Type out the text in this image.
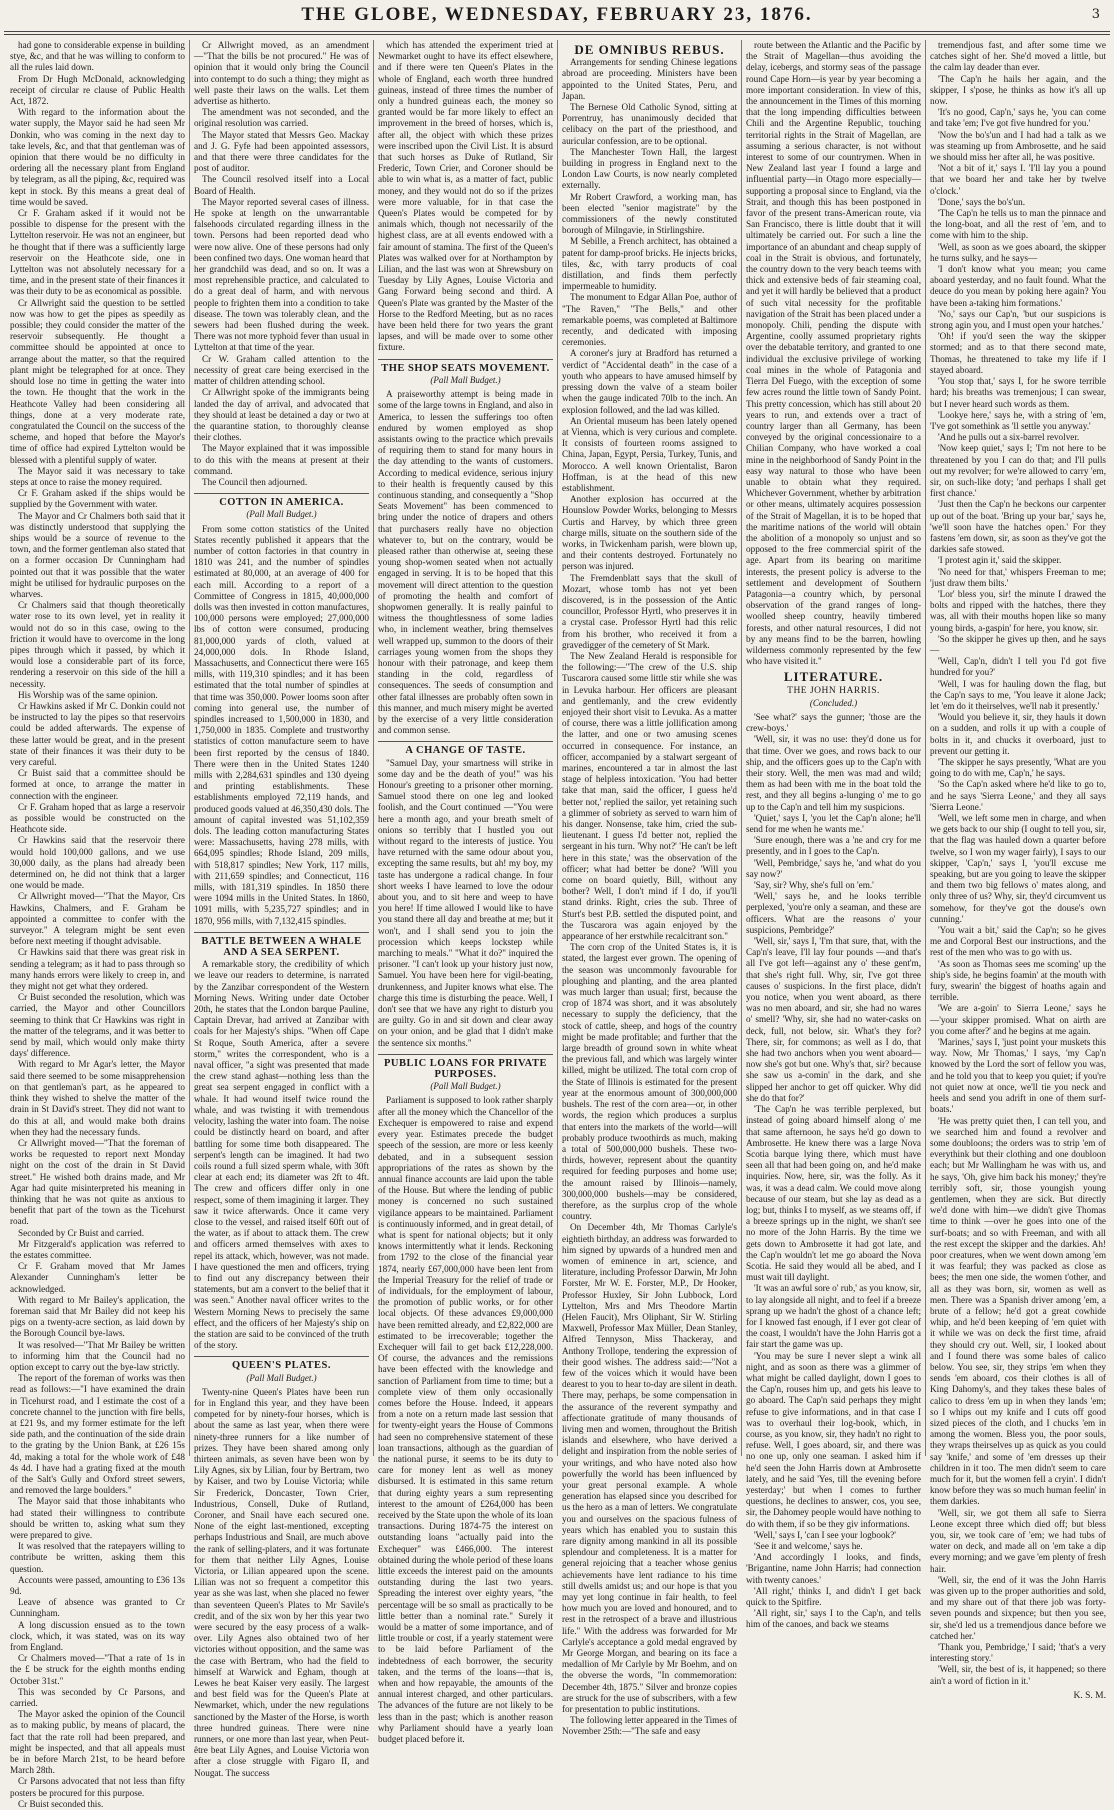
THE GLOBE, WEDNESDAY, FEBRUARY 23, 1876.	3

had gone to considerable expense in building stye, &c, and that he was willing to conform to all the rules laid down.

From Dr Hugh McDonald, acknowledging receipt of circular re clause of Public Health Act, 1872.

With regard to the information about the water supply, the Mayor said he had seen Mr Donkin, who was coming in the next day to take levels, &c, and that that gentleman was of opinion that there would be no difficulty in ordering all the necessary plant from England by telegram, as all the piping, &c, required was kept in stock. By this means a great deal of time would be saved.

Cr F. Graham asked if it would not be possible to dispense for the present with the Lyttelton reservoir. He was not an engineer, but he thought that if there was a sufficiently large reservoir on the Heathcote side, one in Lyttelton was not absolutely necessary for a time, and in the present state of their finances it was their duty to be as economical as possible.

Cr Allwright said the question to be settled now was how to get the pipes as speedily as possible; they could consider the matter of the reservoir subsequently. He thought a committee should be appointed at once to arrange about the matter, so that the required plant might be telegraphed for at once. They should lose no time in getting the water into the town. He thought that the work in the Heathcote Valley had been considering all things, done at a very moderate rate, congratulated the Council on the success of the scheme, and hoped that before the Mayor's time of office had expired Lyttelton would be blessed with a plentiful supply of water.

The Mayor said it was necessary to take steps at once to raise the money required.

Cr F. Graham asked if the ships would be supplied by the Government with water.

The Mayor and Cr Chalmers both said that it was distinctly understood that supplying the ships would be a source of revenue to the town, and the former gentleman also stated that on a former occasion Dr Cunningham had pointed out that it was possible that the water might be utilised for hydraulic purposes on the wharves.

Cr Chalmers said that though theoretically water rose to its own level, yet in reality it would not do so in this case, owing to the friction it would have to overcome in the long pipes through which it passed, by which it would lose a considerable part of its force, rendering a reservoir on this side of the hill a necessity.

His Worship was of the same opinion.

Cr Hawkins asked if Mr C. Donkin could not be instructed to lay the pipes so that reservoirs could be added afterwards. The expense of these latter would be great, and in the present state of their finances it was their duty to be very careful.

Cr Buist said that a committee should be formed at once, to arrange the matter in connection with the engineer.

Cr F. Graham hoped that as large a reservoir as possible would be constructed on the Heathcote side.

Cr Hawkins said that the reservoir there would hold 100,000 gallons, and we use 30,000 daily, as the plans had already been determined on, he did not think that a larger one would be made.

Cr Allwright moved—"That the Mayor, Crs Hawkins, Chalmers, and F. Graham be appointed a committee to confer with the surveyor." A telegram might be sent even before next meeting if thought advisable.

Cr Hawkins said that there was great risk in sending a telegram; as it had to pass through so many hands errors were likely to creep in, and they might not get what they ordered.

Cr Buist seconded the resolution, which was carried, the Mayor and other Councillors seeming to think that Cr Hawkins was right in the matter of the telegrams, and it was better to send by mail, which would only make thirty days' difference.

With regard to Mr Agar's letter, the Mayor said there seemed to be some misapprehension on that gentleman's part, as he appeared to think they wished to shelve the matter of the drain in St David's street. They did not want to do this at all, and would make both drains when they had the necessary funds.

Cr Allwright moved—"That the foreman of works be requested to report next Monday night on the cost of the drain in St David street." He wished both drains made, and Mr Agar had quite misinterpreted his meaning in thinking that he was not quite as anxious to benefit that part of the town as the Ticehurst road.

Seconded by Cr Buist and carried.

Mr Fitzgerald's application was referred to the estates committee.

Cr F. Graham moved that Mr James Alexander Cunningham's letter be acknowledged.

With regard to Mr Bailey's application, the foreman said that Mr Bailey did not keep his pigs on a twenty-acre section, as laid down by the Borough Council bye-laws.

It was resolved—"That Mr Bailey be written to informing him that the Council had no option except to carry out the bye-law strictly.

The report of the foreman of works was then read as follows:—"I have examined the drain in Ticehurst road, and I estimate the cost of a concrete channel to the junction with fire bells, at £21 9s, and my former estimate for the left side path, and the continuation of the side drain to the grating by the Union Bank, at £26 15s 4d, making a total for the whole work of £48 4s 4d. I have had a grating fixed at the mouth of the Salt's Gully and Oxford street sewers, and removed the large boulders."

The Mayor said that those inhabitants who had stated their willingness to contribute should be written to, asking what sum they were prepared to give.

It was resolved that the ratepayers willing to contribute be written, asking them this question.

Accounts were passed, amounting to £36 13s 9d.

Leave of absence was granted to Cr Cunningham.

A long discussion ensued as to the town clock, which, it was stated, was on its way from England.

Cr Chalmers moved—"That a rate of 1s in the £ be struck for the eighth months ending October 31st."

This was seconded by Cr Parsons, and carried.

The Mayor asked the opinion of the Council as to making public, by means of placard, the fact that the rate roll had been prepared, and might be inspected, and that all appeals must be in before March 21st, to be heard before March 28th.

Cr Parsons advocated that not less than fifty posters be procured for this purpose.

Cr Buist seconded this.

Cr Allwright moved, as an amendment—"That the bills be not procured." He was of opinion that it would only bring the Council into contempt to do such a thing; they might as well paste their laws on the walls. Let them advertise as hitherto.

The amendment was not seconded, and the original resolution was carried.

The Mayor stated that Messrs Geo. Mackay and J. G. Fyfe had been appointed assessors, and that there were three candidates for the post of auditor.

The Council resolved itself into a Local Board of Health.

The Mayor reported several cases of illness. He spoke at length on the unwarrantable falsehoods circulated regarding illness in the town. Persons had been reported dead who were now alive. One of these persons had only been confined two days. One woman heard that her grandchild was dead, and so on. It was a most reprehensible practice, and calculated to do a great deal of harm, and with nervous people to frighten them into a condition to take disease. The town was tolerably clean, and the sewers had been flushed during the week. There was not more typhoid fever than usual in Lyttelton at that time of the year.

Cr W. Graham called attention to the necessity of great care being exercised in the matter of children attending school.

Cr Allwright spoke of the immigrants being landed the day of arrival, and advocated that they should at least be detained a day or two at the quarantine station, to thoroughly cleanse their clothes.

The Mayor explained that it was impossible to do this with the means at present at their command.

The Council then adjourned.

COTTON IN AMERICA.
(Pall Mall Budget.)

From some cotton statistics of the United States recently published it appears that the number of cotton factories in that country in 1810 was 241, and the number of spindles estimated at 80,000, at an average of 400 for each mill. According to a report of a Committee of Congress in 1815, 40,000,000 dolls was then invested in cotton manufactures, 100,000 persons were employed; 27,000,000 lbs of cotton were consumed, producing 81,000,000 yards of cloth, valued at 24,000,000 dols. In Rhode Island, Massachusetts, and Connecticut there were 165 mills, with 119,310 spindles; and it has been estimated that the total number of spindles at that time was 350,000. Power looms soon after coming into general use, the number of spindles increased to 1,500,000 in 1830, and 1,750,000 in 1835. Complete and trustworthy statistics of cotton manufacture seem to have been first reported by the census of 1840. There were then in the United States 1240 mills with 2,284,631 spindles and 130 dyeing and printing establishments. These establishments employed 72,119 hands, and produced goods valued at 46,350,430 dols. The amount of capital invested was 51,102,359 dols. The leading cotton manufacturing States were: Massachusetts, having 278 mills, with 664,095 spindles; Rhode Island, 209 mills, with 518,817 spindles; New York, 117 mills, with 211,659 spindles; and Connecticut, 116 mills, with 181,319 spindles. In 1850 there were 1094 mills in the United States. In 1860, 1091 mills, with 5,235,727 spindles; and in 1870, 956 mills, with 7,132,415 spindles.

BATTLE BETWEEN A WHALE AND A SEA SERPENT.

A remarkable story, the credibility of which we leave our readers to determine, is narrated by the Zanzibar correspondent of the Western Morning News. Writing under date October 20th, he states that the London barque Pauline, Captain Drevar, had arrived at Zanzibar with coals for her Majesty's ships. "When off Cape St Roque, South America, after a severe storm," writes the correspondent, who is a naval officer, "a sight was presented that made the crew stand aghast—nothing less than the great sea serpent engaged in conflict with a whale. It had wound itself twice round the whale, and was twisting it with tremendous velocity, lashing the water into foam. The noise could be distinctly heard on board, and after battling for some time both disappeared. The serpent's length can be imagined. It had two coils round a full sized sperm whale, with 30ft clear at each end; its diameter was 2ft to 4ft. The crew and officers differ only in one respect, some of them imagining it larger. They saw it twice afterwards. Once it came very close to the vessel, and raised itself 60ft out of the water, as if about to attack them. The crew and officers armed themselves with axes to repel its attack, which, however, was not made. I have questioned the men and officers, trying to find out any discrepancy between their statements, but am a convert to the belief that it was seen." Another naval officer writes to the Western Morning News to precisely the same effect, and the officers of her Majesty's ship on the station are said to be convinced of the truth of the story.

QUEEN'S PLATES.
(Pall Mall Budget.)

Twenty-nine Queen's Plates have been run for in England this year, and they have been competed for by ninety-four horses, which is about the same as last year, when there were ninety-three runners for a like number of prizes. They have been shared among only thirteen animals, as seven have been won by Lily Agnes, six by Lilian, four by Bertram, two by Kaiser, and two by Louise Victoria; while Sir Frederick, Doncaster, Town Crier, Industrious, Consell, Duke of Rutland, Coroner, and Snail have each secured one. None of the eight last-mentioned, excepting perhaps Industrious and Snail, are much above the rank of selling-platers, and it was fortunate for them that neither Lily Agnes, Louise Victoria, or Lilian appeared upon the scene. Lilian was not so frequent a competitor this year as she was last, when she placed no fewer than seventeen Queen's Plates to Mr Savile's credit, and of the six won by her this year two were secured by the easy process of a walk-over. Lily Agnes also obtained two of her victories without opposition, and the same was the case with Bertram, who had the field to himself at Warwick and Egham, though at Lewes he beat Kaiser very easily. The largest and best field was for the Queen's Plate at Newmarket, which, under the new regulations sanctioned by the Master of the Horse, is worth three hundred guineas. There were nine runners, or one more than last year, when Peut-être beat Lily Agnes, and Louise Victoria won after a close struggle with Figaro II, and Nougat. The success

which has attended the experiment tried at Newmarket ought to have its effect elsewhere, and if there were ten Queen's Plates in the whole of England, each worth three hundred guineas, instead of three times the number of only a hundred guineas each, the money so granted would be far more likely to effect an improvement in the breed of horses, which is, after all, the object with which these prizes were inscribed upon the Civil List. It is absurd that such horses as Duke of Rutland, Sir Frederic, Town Crier, and Coroner should be able to win what is, as a matter of fact, public money, and they would not do so if the prizes were more valuable, for in that case the Queen's Plates would be competed for by animals which, though not necessarily of the highest class, are at all events endowed with a fair amount of stamina. The first of the Queen's Plates was walked over for at Northampton by Lilian, and the last was won at Shrewsbury on Tuesday by Lily Agnes, Louise Victoria and Gang Forward being second and third. A Queen's Plate was granted by the Master of the Horse to the Redford Meeting, but as no races have been held there for two years the grant lapses, and will be made over to some other fixture.

THE SHOP SEATS MOVEMENT.
(Pall Mall Budget.)

A praiseworthy attempt is being made in some of the large towns in England, and also in America, to lessen the sufferings too often endured by women employed as shop assistants owing to the practice which prevails of requiring them to stand for many hours in the day attending to the wants of customers. According to medical evidence, serious injury to their health is frequently caused by this continuous standing, and consequently a "Shop Seats Movement" has been commenced to bring under the notice of drapers and others that purchasers really have no objection whatever to, but on the contrary, would be pleased rather than otherwise at, seeing these young shop-women seated when not actually engaged in serving. It is to be hoped that this movement will direct attention to the question of promoting the health and comfort of shopwomen generally. It is really painful to witness the thoughtlessness of some ladies who, in inclement weather, bring themselves well wrapped up, summon to the doors of their carriages young women from the shops they honour with their patronage, and keep them standing in the cold, regardless of consequences. The seeds of consumption and other fatal illnesses are probably often sown in this manner, and much misery might be averted by the exercise of a very little consideration and common sense.

A CHANGE OF TASTE.

"Samuel Day, your smartness will strike in some day and be the death of you!" was his Honour's greeting to a prisoner other morning. Samuel stood there on one leg and looked foolish, and the Court continued —"You were here a month ago, and your breath smelt of onions so terribly that I hustled you out without regard to the interests of justice. You have returned with the same odour about you, excepting the same results, but ah! my boy, my taste has undergone a radical change. In four short weeks I have learned to love the odour about you, and to sit here and weep to have you here! If time allowed I would like to have you stand there all day and breathe at me; but it won't, and I shall send you to join the procession which keeps lockstep while marching to meals." "What it do?" inquired the prisoner. "I can't look up your history just now, Samuel. You have been here for vigil-beating, drunkenness, and Jupiter knows what else. The charge this time is disturbing the peace. Well, I don't see that we have any right to disturb you are guilty. Go in and sit down and clear away on your onion, and be glad that I didn't make the sentence six months."

PUBLIC LOANS FOR PRIVATE PURPOSES.
(Pall Mall Budget.)

Parliament is supposed to look rather sharply after all the money which the Chancellor of the Exchequer is empowered to raise and expend every year. Estimates precede the budget speech of the session, are more or less keenly debated, and in a subsequent session appropriations of the rates as shown by the annual finance accounts are laid upon the table of the House. But where the lending of public money is concerned no such sustained vigilance appears to be maintained. Parliament is continuously informed, and in great detail, of what is spent for national objects; but it only knows intermittently what it lends. Reckoning from 1792 to the close of the financial year 1874, nearly £67,000,000 have been lent from the Imperial Treasury for the relief of trade or of individuals, for the employment of labour, the promotion of public works, or for other local objects. Of these advances £9,000,000 have been remitted already, and £2,822,000 are estimated to be irrecoverable; together the Exchequer will fail to get back £12,228,000. Of course, the advances and the remissions have been effected with the knowledge and sanction of Parliament from time to time; but a complete view of them only occasionally comes before the House. Indeed, it appears from a note on a return made last session that for twenty-eight years the House of Commons had seen no comprehensive statement of these loan transactions, although as the guardian of the national purse, it seems to be its duty to care for money lent as well as money disbursed. It is estimated in this same return that during eighty years a sum representing interest to the amount of £264,000 has been received by the State upon the whole of its loan transactions. During 1874-75 the interest on outstanding loans "actually paid into the Exchequer" was £466,000. The interest obtained during the whole period of these loans little exceeds the interest paid on the amounts outstanding during the last two years. Spreading the interest over eighty years, "the percentage will be so small as practically to be little better than a nominal rate." Surely it would be a matter of some importance, and of little trouble or cost, if a yearly statement were to be laid before Parliament of the indebtedness of each borrower, the security taken, and the terms of the loans—that is, when and how repayable, the amounts of the annual interest charged, and other particulars. The advances of the future are not likely to be less than in the past; which is another reason why Parliament should have a yearly loan budget placed before it.

DE OMNIBUS REBUS.

Arrangements for sending Chinese legations abroad are proceeding. Ministers have been appointed to the United States, Peru, and Japan.

The Bernese Old Catholic Synod, sitting at Porrentruy, has unanimously decided that celibacy on the part of the priesthood, and auricular confession, are to be optional.

The Manchester Town Hall, the largest building in progress in England next to the London Law Courts, is now nearly completed externally.

Mr Robert Crawford, a working man, has been elected "senior magistrate" by the commissioners of the newly constituted borough of Milngavie, in Stirlingshire.

M Sebille, a French architect, has obtained a patent for damp-proof bricks. He injects bricks, tiles, &c, with tarry products of coal distillation, and finds them perfectly impermeable to humidity.

The monument to Edgar Allan Poe, author of "The Raven," "The Bells," and other remarkable poems, was completed at Baltimore recently, and dedicated with imposing ceremonies.

A coroner's jury at Bradford has returned a verdict of "Accidental death" in the case of a youth who appears to have amused himself by pressing down the valve of a steam boiler when the gauge indicated 70lb to the inch. An explosion followed, and the lad was killed.

An Oriental museum has been lately opened at Vienna, which is very curious and complete. It consists of fourteen rooms assigned to China, Japan, Egypt, Persia, Turkey, Tunis, and Morocco. A well known Orientalist, Baron Hoffman, is at the head of this new establishment.

Another explosion has occurred at the Hounslow Powder Works, belonging to Messrs Curtis and Harvey, by which three green charge mills, situate on the southern side of the works, in Twickenham parish, were blown up, and their contents destroyed. Fortunately no person was injured.

The Fremdenblatt says that the skull of Mozart, whose tomb has not yet been discovered, is in the possession of the Antic councillor, Professor Hyrtl, who preserves it in a crystal case. Professor Hyrtl had this relic from his brother, who received it from a gravedigger of the cemetery of St Mark.

The New Zealand Herald is responsible for the following:—"The crew of the U.S. ship Tuscarora caused some little stir while she was in Levuka harbour. Her officers are pleasant and gentlemanly, and the crew evidently enjoyed their short visit to Levuka. As a matter of course, there was a little jollification among the latter, and one or two amusing scenes occurred in consequence. For instance, an officer, accompanied by a stalwart sergeant of marines, encountered a tar in almost the last stage of helpless intoxication. 'You had better take that man, said the officer, I guess he'd better not,' replied the sailor, yet retaining such a glimmer of sobriety as served to warn him of his danger. Nonsense, take him, cried the sub-lieutenant. I guess I'd better not, replied the sergeant in his turn. 'Why not?' 'He can't be left here in this state,' was the observation of the officer; what had better be done? 'Will you come on board quietly, Bill, without any bother? Well, I don't mind if I do, if you'll stand drinks. Right, cries the sub. Three of Sturt's best P.B. settled the disputed point, and the Tuscarora was again enjoyed by the appearance of her erstwhile recalcitrant son."

The corn crop of the United States is, it is stated, the largest ever grown. The opening of the season was uncommonly favourable for ploughing and planting, and the area planted was much larger than usual; first, because the crop of 1874 was short, and it was absolutely necessary to supply the deficiency, that the stock of cattle, sheep, and hogs of the country might be made profitable; and further that the large breadth of ground sown in white wheat the previous fall, and which was largely winter killed, might be utilized. The total corn crop of the State of Illinois is estimated for the present year at the enormous amount of 300,000,000 bushels. The rest of the corn area—or, in other words, the region which produces a surplus that enters into the markets of the world—will probably produce twoothirds as much, making a total of 500,000,000 bushels. These two-thirds, however, represent about the quantity required for feeding purposes and home use; the amount raised by Illinois—namely, 300,000,000 bushels—may be considered, therefore, as the surplus crop of the whole country.

On December 4th, Mr Thomas Carlyle's eightieth birthday, an address was forwarded to him signed by upwards of a hundred men and women of eminence in art, science, and literature, including Professor Darwin, Mr John Forster, Mr W. E. Forster, M.P., Dr Hooker, Professor Huxley, Sir John Lubbock, Lord Lyttelton, Mrs and Mrs Theodore Martin (Helen Faucit), Mrs Oliphant, Sir W. Stirling Maxwell, Professor Max Müller, Dean Stanley, Alfred Tennyson, Miss Thackeray, and Anthony Trollope, tendering the expression of their good wishes. The address said:—"Not a few of the voices which it would have been dearest to you to hear to-day are silent in death. There may, perhaps, be some compensation in the assurance of the reverent sympathy and affectionate gratitude of many thousands of living men and women, throughout the British islands and elsewhere, who have derived a delight and inspiration from the noble series of your writings, and who have noted also how powerfully the world has been influenced by your great personal example. A whole generation has elapsed since you described for us the hero as a man of letters. We congratulate you and ourselves on the spacious fulness of years which has enabled you to sustain this rare dignity among mankind in all its possible splendour and completeness. It is a matter for general rejoicing that a teacher whose genius achievements have lent radiance to his time still dwells amidst us; and our hope is that you may yet long continue in fair health, to feel how much you are loved and honoured, and to rest in the retrospect of a brave and illustrious life." With the address was forwarded for Mr Carlyle's acceptance a gold medal engraved by Mr George Morgan, and bearing on its face a medallion of Mr Carlyle by Mr Boehm, and on the obverse the words, "In commemoration: December 4th, 1875." Silver and bronze copies are struck for the use of subscribers, with a few for presentation to public institutions.

The following letter appeared in the Times of November 25th:—"The safe and easy

route between the Atlantic and the Pacific by the Strait of Magellan—thus avoiding the delay, icebergs, and stormy seas of the passage round Cape Horn—is year by year becoming a more important consideration. In view of this, the announcement in the Times of this morning that the long impending difficulties between Chili and the Argentine Republic, touching territorial rights in the Strait of Magellan, are assuming a serious character, is not without interest to some of our countrymen. When in New Zealand last year I found a large and influential party—in Otago more especially—supporting a proposal since to England, via the Strait, and though this has been postponed in favor of the present trans-American route, via San Francisco, there is little doubt that it will ultimately be carried out. For such a line the importance of an abundant and cheap supply of coal in the Strait is obvious, and fortunately, the country down to the very beach teems with thick and extensive beds of fair steaming coal, and yet it will hardly be believed that a product of such vital necessity for the profitable navigation of the Strait has been placed under a monopoly. Chili, pending the dispute with Argentine, coolly assumed proprietary rights over the debatable territory, and granted to one individual the exclusive privilege of working coal mines in the whole of Patagonia and Tierra Del Fuego, with the exception of some few acres round the little town of Sandy Point. This pretty concession, which has still about 20 years to run, and extends over a tract of country larger than all Germany, has been conveyed by the original concessionaire to a Chilian Company, who have worked a coal mine in the neighborhood of Sandy Point in the easy way natural to those who have been unable to obtain what they required. Whichever Government, whether by arbitration or other means, ultimately acquires possession of the Strait of Magellan, it is to be hoped that the maritime nations of the world will obtain the abolition of a monopoly so unjust and so opposed to the free commercial spirit of the age. Apart from its bearing on maritime interests, the present policy is adverse to the settlement and development of Southern Patagonia—a country which, by personal observation of the grand ranges of long-woolled sheep country, heavily timbered forests, and other natural resources, I did not by any means find to be the barren, howling wilderness commonly represented by the few who have visited it."

LITERATURE.
THE JOHN HARRIS.
(Concluded.)

'See what?' says the gunner; 'those are the crew-boys.'

'Well, sir, it was no use: they'd done us for that time. Over we goes, and rows back to our ship, and the officers goes up to the Cap'n with their story. Well, the men was mad and wild; them as had been with me in the boat told the rest, and they all begins a-lunging o' me to go up to the Cap'n and tell him my suspicions.

'Quiet,' says I, 'you let the Cap'n alone; he'll send for me when he wants me.'

'Sure enough, there was a 'ne and cry for me presently, and in I goes to the Cap'n.

'Well, Pembridge,' says he, 'and what do you say now?'

'Say, sir? Why, she's full on 'em.'

'Well,' says he, and he looks terrible perplexed, 'you're only a seaman, and these are officers. What are the reasons o' your suspicions, Pembridge?'

'Well, sir,' says I, 'I'm that sure, that, with the Cap'n's leave, I'll lay four pounds —and that's all I've got left—against any o' these gent'm, that she's right full. Why, sir, I've got three causes o' suspicions. In the first place, didn't you notice, when you went aboard, as there was no men aboard, and sir, she had no wares o' smell? 'Why, sir, she had no water-casks on deck, full, not below, sir. What's they for? There, sir, for commons; as well as I do, that she had two anchors when you went aboard—now she's got but one. Why's that, sir? because she saw us a-comin' in the dark, and she slipped her anchor to get off quicker. Why did she do that for?'

'The Cap'n he was terrible perplexed, but instead of going aboard himself along o' me that same afternoon, he says he'd go down to Ambrosette. He knew there was a large Nova Scotia barque lying there, which must have seen all that had been going on, and he'd make inquiries. Now, here, sir, was the folly. As it was, it was a dead calm. We could move along because of our steam, but she lay as dead as a log; but, thinks I to myself, as we steams off, if a breeze springs up in the night, we shan't see no more of the John Harris. By the time we gets down to Ambrosette it had got late, and the Cap'n wouldn't let me go aboard the Nova Scotia. He said they would all be abed, and I must wait till daylight.

'It was an awful sore o' rub,' as you know, sir, to lay alongside all night, and to feel if a breeze sprang up we hadn't the ghost of a chance left; for I knowed fast enough, if I ever got clear of the coast, I wouldn't have the John Harris got a fair start the game was up.

'You may be sure I never slept a wink all night, and as soon as there was a glimmer of what might be called daylight, down I goes to the Cap'n, rouses him up, and gets his leave to go aboard. The Cap'n said perhaps they might refuse to give informations, and in that case I was to overhaul their log-book, which, in course, as you know, sir, they hadn't no right to refuse. Well, I goes aboard, sir, and there was no one up, only one seaman. I asked him if he'd seen the John Harris down at Ambrosette lately, and he said 'Yes, till the evening before yesterday;' but when I comes to further questions, he declines to answer, cos, you see, sir, the Dahomey people would have nothing to do with them, if so be they giv informations.

'Well,' says I, 'can I see your logbook?'

'See it and welcome,' says he.

'And accordingly I looks, and finds, 'Brigantine, name John Harris; had connection with twenty canoes.'

'All right,' thinks I, and didn't I get back quick to the Spitfire.

'All right, sir,' says I to the Cap'n, and tells him of the canoes, and back we steams

tremendjous fast, and after some time we catches sight of her. She'd moved a little, but the calm lay deader than ever.

'The Cap'n he hails her again, and the skipper, I s'pose, he thinks as how it's all up now.

'It's no good, Cap'n,' says he, 'you can come and take 'em; I've got five hundred for you.'

'Now the bo's'un and I had had a talk as we was steaming up from Ambrosette, and he said we should miss her after all, he was positive.

'Not a bit of it,' says I. 'I'll lay you a pound that we board her and take her by twelve o'clock.'

'Done,' says the bo's'un.

'The Cap'n he tells us to man the pinnace and the long-boat, and all the rest of 'em, and to come with him to the ship.

'Well, as soon as we goes aboard, the skipper he turns sulky, and he says—

'I don't know what you mean; you came aboard yesterday, and no fault found. What the deuce do you mean by poking here again? You have been a-taking him formations.'

'No,' says our Cap'n, 'but our suspicions is strong agin you, and I must open your hatches.'

'Oh! if you'd seen the way the skipper stormed; and as to that there second mate, Thomas, he threatened to take my life if I stayed aboard.

'You stop that,' says I, for he swore terrible hard; his breaths was tremenjous; I can swear, but I never heard such words as them.

'Lookye here,' says he, with a string of 'em, 'I've got somethink as 'll settle you anyway.'

'And he pulls out a six-barrel revolver.

'Now keep quiet,' says I; 'I'm not here to be threatened by you I can do that; and I'll pulls out my revolver; for we're allowed to carry 'em, sir, on such-like doty; 'and perhaps I shall get first chance.'

'Just then the Cap'n he beckons our carpenter up out of the boat. 'Bring up your bar,' says he, 'we'll soon have the hatches open.' For they fastens 'em down, sir, as soon as they've got the darkies safe stowed.

'I protest agin it,' said the skipper.

'No need for that,' whispers Freeman to me; 'just draw them bilts.'

'Lor' bless you, sir! the minute I drawed the bolts and ripped with the hatches, there they was, all with their mouths hopen like so many young birds, a-gaspin' for here, you know, sir.

'So the skipper he gives up then, and he says—

'Well, Cap'n, didn't I tell you I'd got five hundred for you?'

'Well, I was for hauling down the flag, but the Cap'n says to me, 'You leave it alone Jack; let 'em do it theirselves, we'll nab it presently.'

'Would you believe it, sir, they hauls it down on a sudden, and rolls it up with a couple of bolts in it, and chucks it overboard, just to prevent our getting it.

'The skipper he says presently, 'What are you going to do with me, Cap'n,' he says.

'So the Cap'n asked where he'd like to go to, and he says 'Sierra Leone,' and they all says 'Sierra Leone.'

'Well, we left some men in charge, and when we gets back to our ship (I ought to tell you, sir, that the flag was hauled down a quarter before twelve, so I won my wager fairly), I says to our skipper, 'Cap'n,' says I, 'you'll excuse me speaking, but are you going to leave the skipper and them two big fellows o' mates along, and only three of us? Why, sir, they'd circumvent us somehow, for they've got the douse's own cunning.'

'You wait a bit,' said the Cap'n; so he gives me and Corporal Best our instructions, and the rest of the men who was to go with us.

'As soon as Thomas sees me scoming' up the ship's side, he begins foamin' at the mouth with fury, swearin' the biggest of hoaths again and terrible.

'We are a-goin' to Sierra Leone,' says he—'your skipper promised. What on airth are you come after?' and he begins at me again.

'Marines,' says I, 'just point your muskets this way. Now, Mr Thomas,' I says, 'my Cap'n knowed by the Lord the sort of fellow you was, and he told you that to keep you quiet; if you're not quiet now at once, we'll tie you neck and heels and send you adrift in one of them surf-boats.'

'He was pretty quiet then, I can tell you, and we searched him and found a revolver and some doubloons; the orders was to strip 'em of everythink but their clothing and one doubloon each; but Mr Wallingham he was with us, and he says, 'Oh, give him back his money;' they're terribly soft, sir, those youngish young gentlemen, when they are sick. But directly we'd done with him—we didn't give Thomas time to think —over he goes into one of the surf-boats; and so with Freeman, and with all the rest except the skipper and the darkies. Ah! poor creatures, when we went down among 'em it was fearful; they was packed as close as bees; the men one side, the women t'other, and all as they was born, sir, women as well as men. There was a Spanish driver among 'em, a brute of a fellow; he'd got a great cowhide whip, and he'd been keeping of 'em quiet with it while we was on deck the first time, afraid they should cry out. Well, sir, I looked about and I found there was some bales of calico below. You see, sir, they strips 'em when they sends 'em aboard, cos their clothes is all of King Dahomy's, and they takes these bales of calico to dress 'em up in when they lands 'em; so I whips out my knife and I cuts off good sized pieces of the cloth, and I chucks 'em in among the women. Bless you, the poor souls, they wraps theirselves up as quick as you could say 'knife,' and some of 'em dresses up their children in it too. The men didn't seem to care much for it, but the women fell a cryin'. I didn't know before they was so much human feelin' in them darkies.

'Well, sir, we got them all safe to Sierra Leone except three which died off; but bless you, sir, we took care of 'em; we had tubs of water on deck, and made all on 'em take a dip every morning; and we gave 'em plenty of fresh hair.

'Well, sir, the end of it was the John Harris was given up to the proper authorities and sold, and my share out of that there job was forty-seven pounds and sixpence; but then you see, sir, she'd led us a tremendjous dance before we catched her.'

'Thank you, Pembridge,' I said; 'that's a very interesting story.'

'Well, sir, the best of is, it happened; so there ain't a word of fiction in it.'

K. S. M.
